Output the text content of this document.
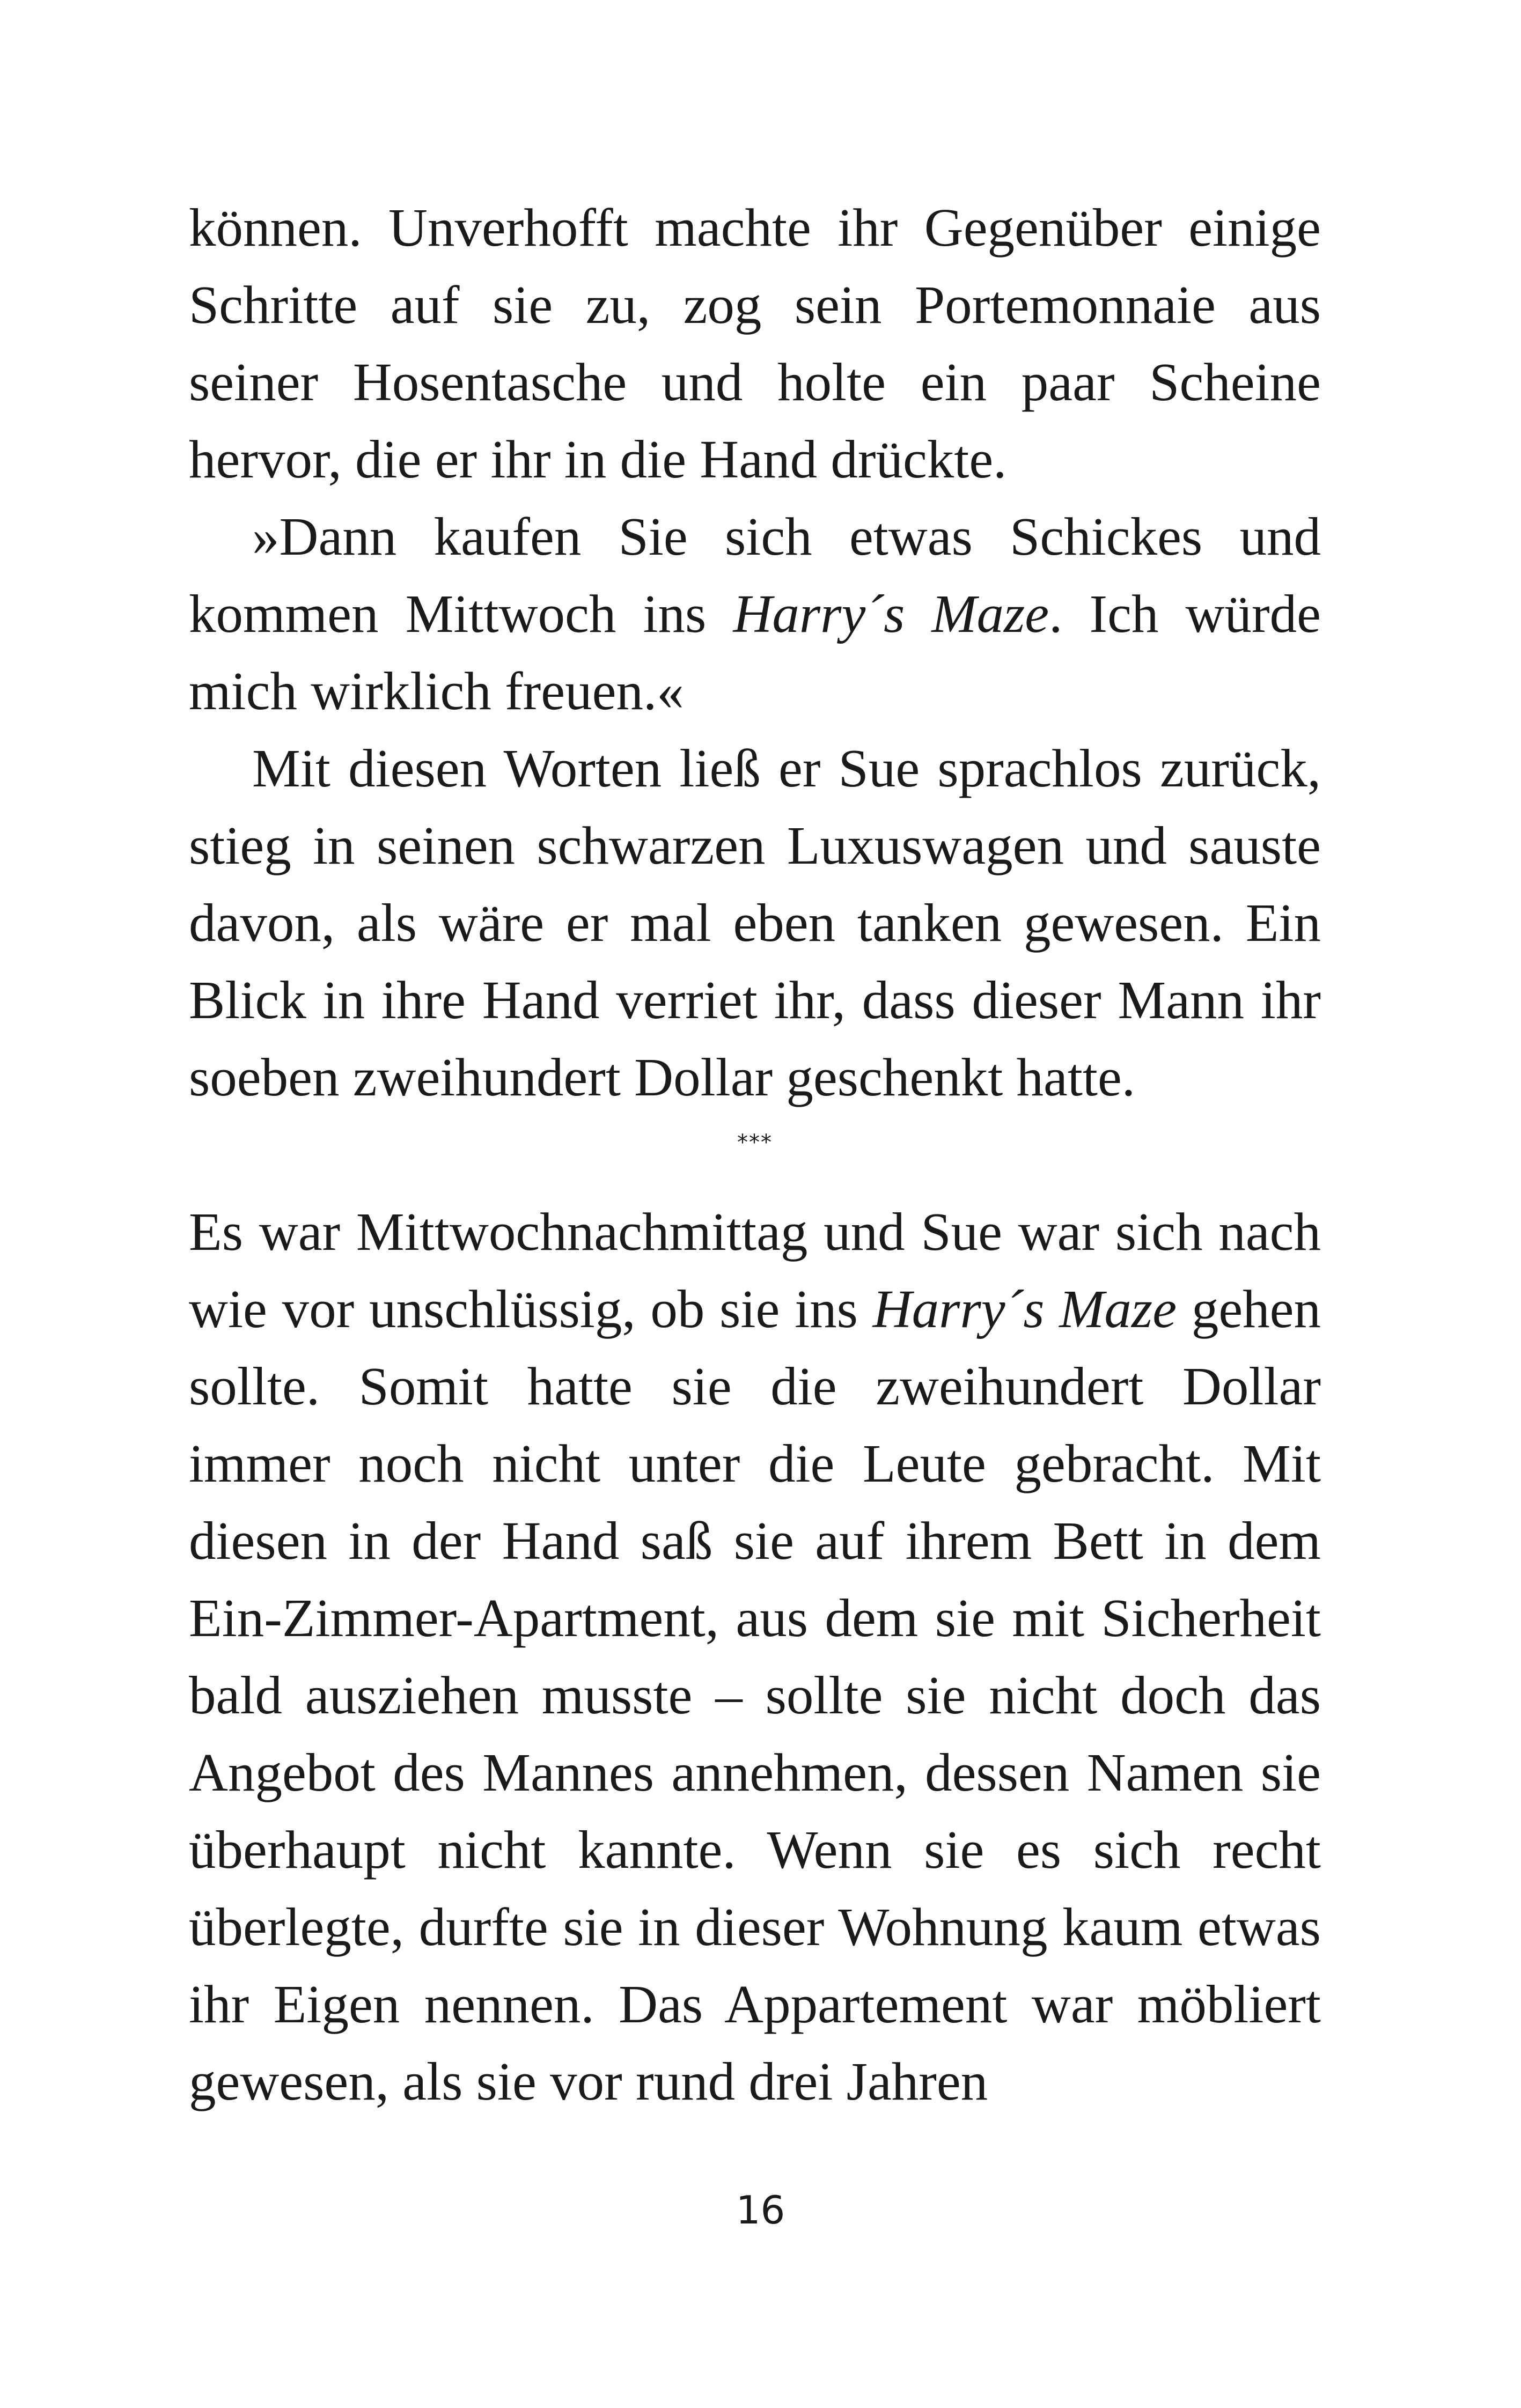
können. Unverhofft machte ihr Gegenüber einige Schritte auf sie zu, zog sein Portemonnaie aus seiner Hosentasche und holte ein paar Scheine hervor, die er ihr in die Hand drückte.

»Dann kaufen Sie sich etwas Schickes und kommen Mittwoch ins Harry´s Maze. Ich würde mich wirklich freuen.«

Mit diesen Worten ließ er Sue sprachlos zurück, stieg in seinen schwarzen Luxuswagen und sauste davon, als wäre er mal eben tanken gewesen. Ein Blick in ihre Hand verriet ihr, dass dieser Mann ihr soeben zweihundert Dollar geschenkt hatte.

***

Es war Mittwochnachmittag und Sue war sich nach wie vor unschlüssig, ob sie ins Harry´s Maze gehen sollte. Somit hatte sie die zweihundert Dollar immer noch nicht unter die Leute gebracht. Mit diesen in der Hand saß sie auf ihrem Bett in dem Ein-Zimmer-Apartment, aus dem sie mit Sicherheit bald ausziehen musste – sollte sie nicht doch das Angebot des Mannes annehmen, dessen Namen sie überhaupt nicht kannte. Wenn sie es sich recht überlegte, durfte sie in dieser Wohnung kaum etwas ihr Eigen nennen. Das Appartement war möbliert gewesen, als sie vor rund drei Jahren

16
